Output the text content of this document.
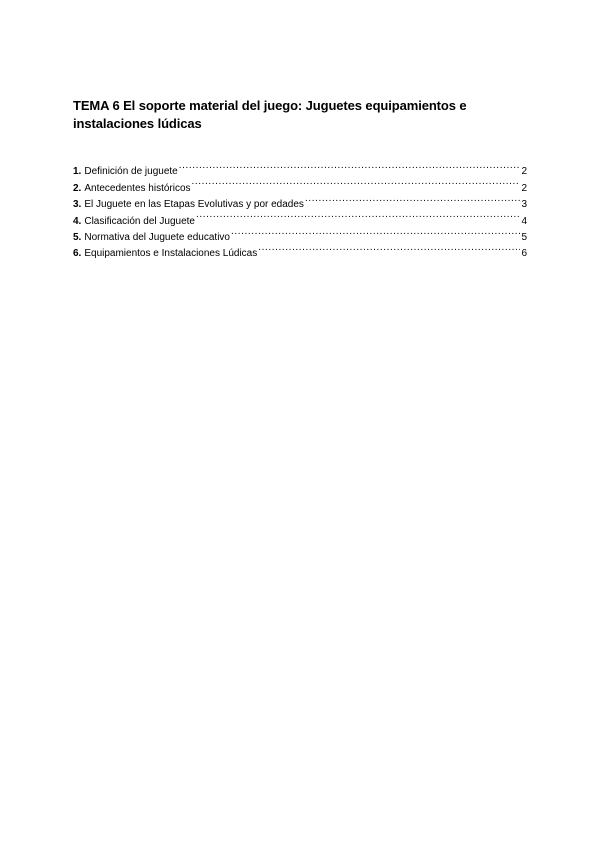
TEMA 6 El soporte material del juego: Juguetes equipamientos e instalaciones lúdicas
1. Definición de juguete .....	2
2. Antecedentes históricos .....	2
3. El Juguete en las Etapas Evolutivas y por edades .....	3
4. Clasificación del Juguete .....	4
5. Normativa del Juguete educativo .....	5
6. Equipamientos e Instalaciones Lúdicas .....	6
